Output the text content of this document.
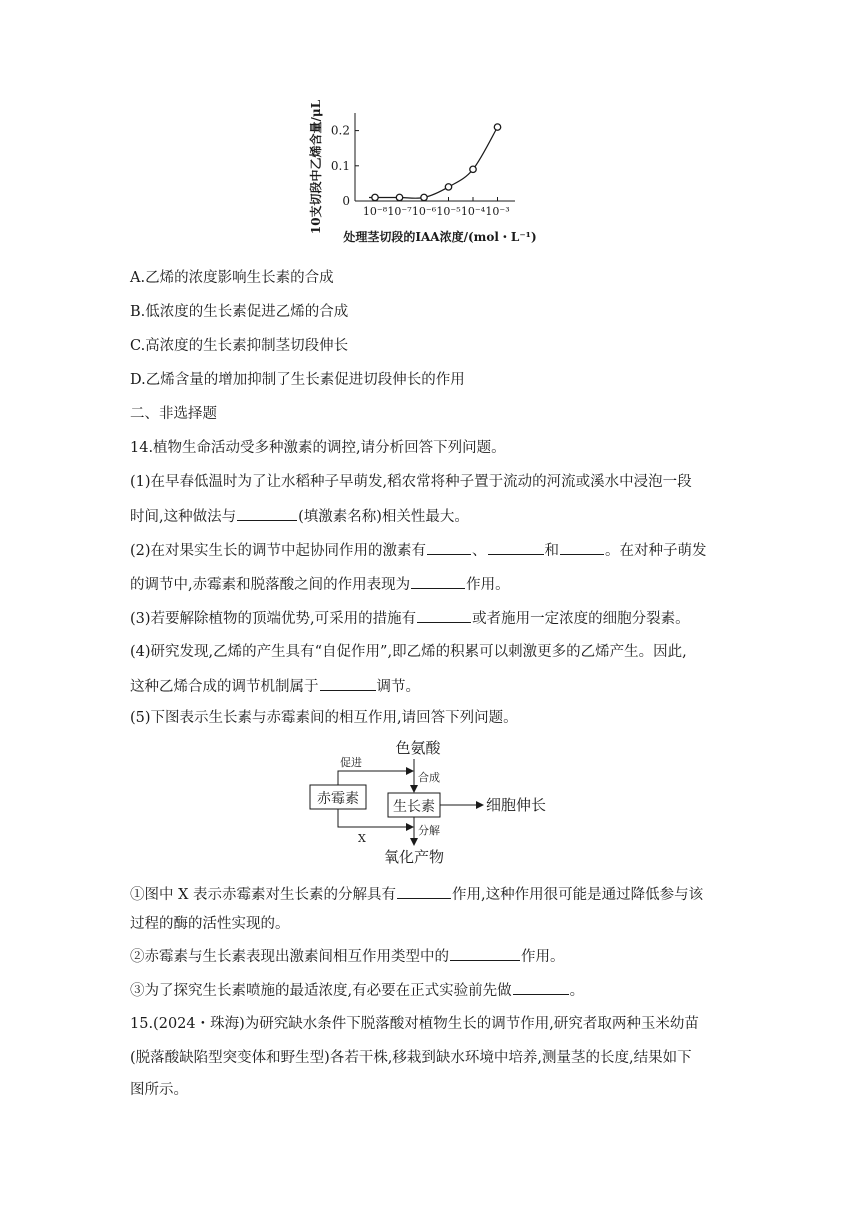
10支切段中乙烯含量/μL 0
0.1
0.2
10⁻⁸ 10⁻⁷ 10⁻⁶ 10⁻⁵ 10⁻⁴ 10⁻³
处理茎切段的IAA浓度/(mol・L⁻¹)
A.乙烯的浓度影响生长素的合成
B.低浓度的生长素促进乙烯的合成
C.高浓度的生长素抑制茎切段伸长
D.乙烯含量的增加抑制了生长素促进切段伸长的作用
二、非选择题
14.植物生命活动受多种激素的调控,请分析回答下列问题。
(1)在早春低温时为了让水稻种子早萌发,稻农常将种子置于流动的河流或溪水中浸泡一段
时间,这种做法与	(填激素名称)相关性最大。
(2)在对果实生长的调节中起协同作用的激素有	、	和	。在对种子萌发
的调节中,赤霉素和脱落酸之间的作用表现为	作用。
(3)若要解除植物的顶端优势,可采用的措施有	或者施用一定浓度的细胞分裂素。
(4)研究发现,乙烯的产生具有“自促作用”,即乙烯的积累可以刺激更多的乙烯产生。因此,
这种乙烯合成的调节机制属于	调节。
(5)下图表示生长素与赤霉素间的相互作用,请回答下列问题。
色氨酸
赤霉素 生长素
合成
促进
细胞伸长
分解
X
氧化产物
①图中 X 表示赤霉素对生长素的分解具有	作用,这种作用很可能是通过降低参与该
过程的酶的活性实现的。
②赤霉素与生长素表现出激素间相互作用类型中的	作用。
③为了探究生长素喷施的最适浓度,有必要在正式实验前先做	。
15.(2024・珠海)为研究缺水条件下脱落酸对植物生长的调节作用,研究者取两种玉米幼苗
(脱落酸缺陷型突变体和野生型)各若干株,移栽到缺水环境中培养,测量茎的长度,结果如下
图所示。
